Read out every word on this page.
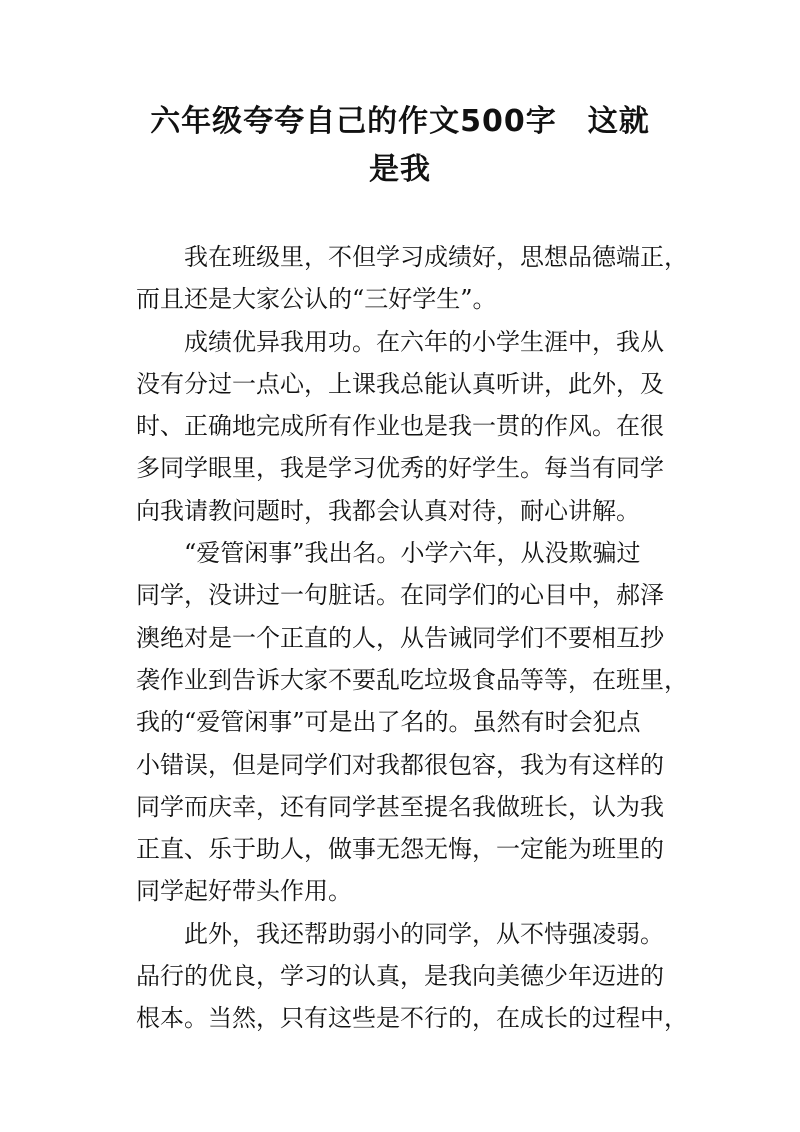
六年级夸夸自己的作文500字　这就
是我

我在班级里，不但学习成绩好，思想品德端正，
而且还是大家公认的“三好学生”。

成绩优异我用功。在六年的小学生涯中，我从
没有分过一点心，上课我总能认真听讲，此外，及
时、正确地完成所有作业也是我一贯的作风。在很
多同学眼里，我是学习优秀的好学生。每当有同学
向我请教问题时，我都会认真对待，耐心讲解。

“爱管闲事”我出名。小学六年，从没欺骗过
同学，没讲过一句脏话。在同学们的心目中，郝泽
澳绝对是一个正直的人，从告诫同学们不要相互抄
袭作业到告诉大家不要乱吃垃圾食品等等，在班里，
我的“爱管闲事”可是出了名的。虽然有时会犯点
小错误，但是同学们对我都很包容，我为有这样的
同学而庆幸，还有同学甚至提名我做班长，认为我
正直、乐于助人，做事无怨无悔，一定能为班里的
同学起好带头作用。

此外，我还帮助弱小的同学，从不恃强凌弱。
品行的优良，学习的认真，是我向美德少年迈进的
根本。当然，只有这些是不行的，在成长的过程中，
